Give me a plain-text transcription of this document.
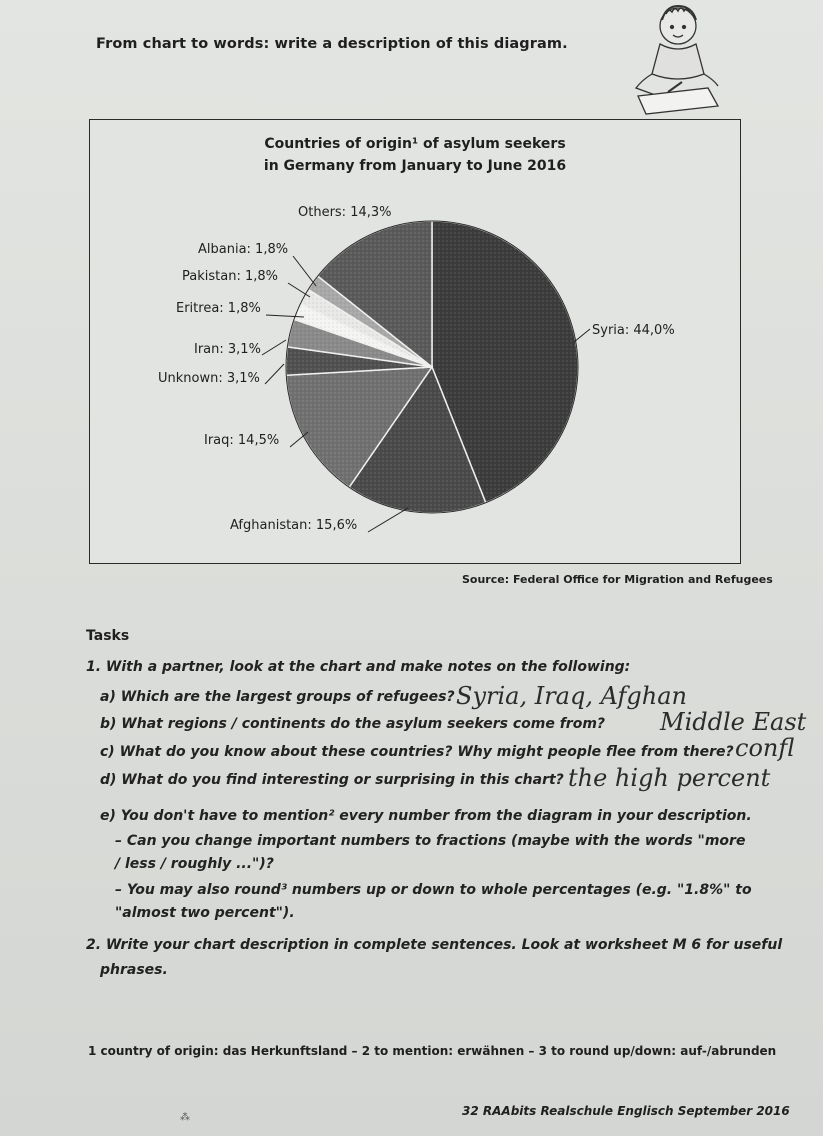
From chart to words: write a description of this diagram.
Countries of origin¹ of asylum seekers
in Germany from January to June 2016
Syria: 44,0%
Afghanistan: 15,6%
Iraq: 14,5%
Unknown: 3,1%
Iran: 3,1%
Eritrea: 1,8%
Pakistan: 1,8%
Albania: 1,8%
Others: 14,3%
Source: Federal Office for Migration and Refugees
Tasks
1. With a partner, look at the chart and make notes on the following:
a) Which are the largest groups of refugees?
b) What regions / continents do the asylum seekers come from?
c) What do you know about these countries? Why might people flee from there?
d) What do you find interesting or surprising in this chart?
e) You don't have to mention² every number from the diagram in your description.
– Can you change important numbers to fractions (maybe with the words "more
/ less / roughly ...")?
– You may also round³ numbers up or down to whole percentages (e.g. "1.8%" to
"almost two percent").
2. Write your chart description in complete sentences. Look at worksheet M 6 for useful
phrases.
Syria, Iraq, Afghan
Middle East
confl
the high percent
1 country of origin: das Herkunftsland – 2 to mention: erwähnen – 3 to round up/down: auf-/abrunden
⁂	32 RAAbits Realschule Englisch September 2016
